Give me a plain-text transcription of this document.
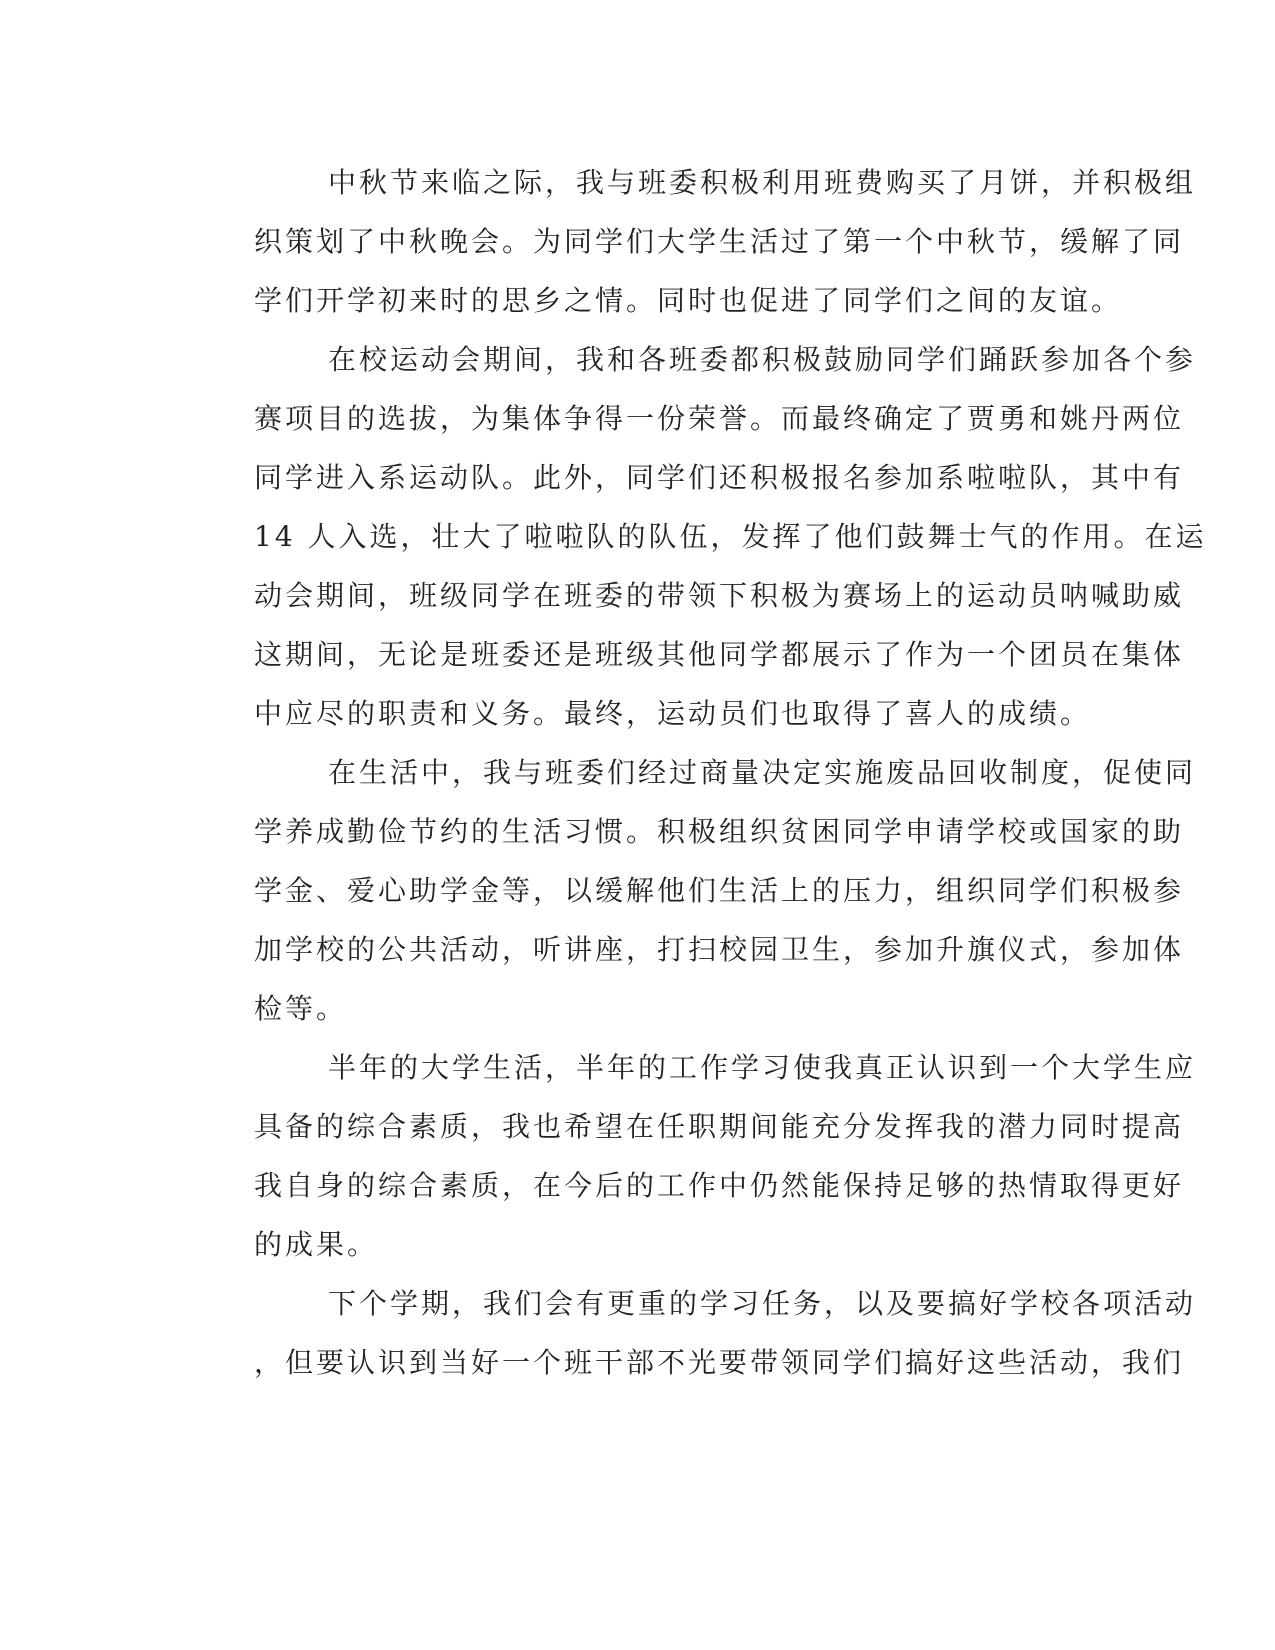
中秋节来临之际，我与班委积极利用班费购买了月饼，并积极组
织策划了中秋晚会。为同学们大学生活过了第一个中秋节，缓解了同
学们开学初来时的思乡之情。同时也促进了同学们之间的友谊。
在校运动会期间，我和各班委都积极鼓励同学们踊跃参加各个参
赛项目的选拔，为集体争得一份荣誉。而最终确定了贾勇和姚丹两位
同学进入系运动队。此外，同学们还积极报名参加系啦啦队，其中有
14 人入选，壮大了啦啦队的队伍，发挥了他们鼓舞士气的作用。在运
动会期间，班级同学在班委的带领下积极为赛场上的运动员呐喊助威
这期间，无论是班委还是班级其他同学都展示了作为一个团员在集体
中应尽的职责和义务。最终，运动员们也取得了喜人的成绩。
在生活中，我与班委们经过商量决定实施废品回收制度，促使同
学养成勤俭节约的生活习惯。积极组织贫困同学申请学校或国家的助
学金、爱心助学金等，以缓解他们生活上的压力，组织同学们积极参
加学校的公共活动，听讲座，打扫校园卫生，参加升旗仪式，参加体
检等。
半年的大学生活，半年的工作学习使我真正认识到一个大学生应
具备的综合素质，我也希望在任职期间能充分发挥我的潜力同时提高
我自身的综合素质，在今后的工作中仍然能保持足够的热情取得更好
的成果。
下个学期，我们会有更重的学习任务，以及要搞好学校各项活动
，但要认识到当好一个班干部不光要带领同学们搞好这些活动，我们
